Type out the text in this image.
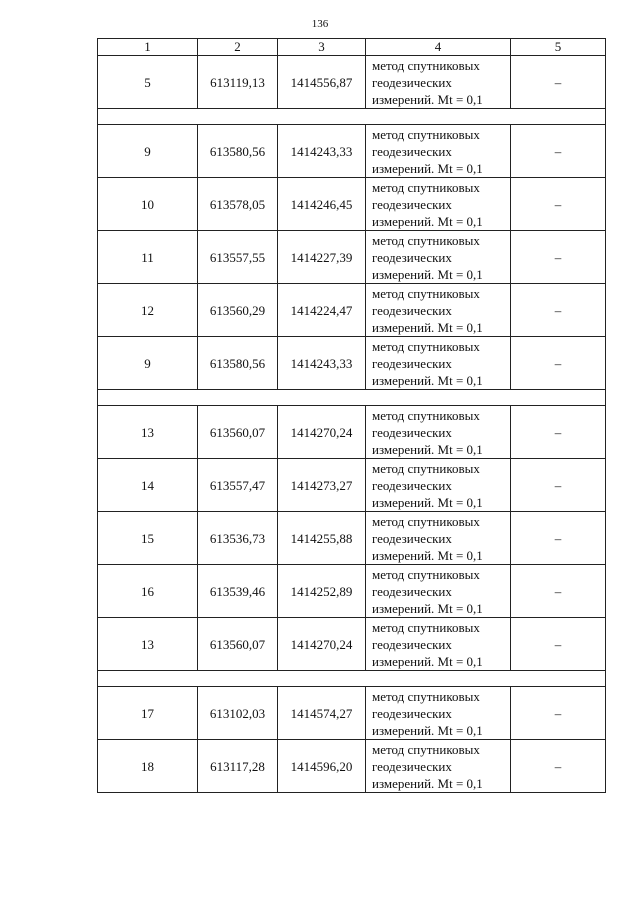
136
1	2	3	4	5
5	613119,13	1414556,87	метод спутниковых
геодезических
измерений. Mt = 0,1	–

9	613580,56	1414243,33	метод спутниковых
геодезических
измерений. Mt = 0,1	–
10	613578,05	1414246,45	метод спутниковых
геодезических
измерений. Mt = 0,1	–
11	613557,55	1414227,39	метод спутниковых
геодезических
измерений. Mt = 0,1	–
12	613560,29	1414224,47	метод спутниковых
геодезических
измерений. Mt = 0,1	–
9	613580,56	1414243,33	метод спутниковых
геодезических
измерений. Mt = 0,1	–

13	613560,07	1414270,24	метод спутниковых
геодезических
измерений. Mt = 0,1	–
14	613557,47	1414273,27	метод спутниковых
геодезических
измерений. Mt = 0,1	–
15	613536,73	1414255,88	метод спутниковых
геодезических
измерений. Mt = 0,1	–
16	613539,46	1414252,89	метод спутниковых
геодезических
измерений. Mt = 0,1	–
13	613560,07	1414270,24	метод спутниковых
геодезических
измерений. Mt = 0,1	–

17	613102,03	1414574,27	метод спутниковых
геодезических
измерений. Mt = 0,1	–
18	613117,28	1414596,20	метод спутниковых
геодезических
измерений. Mt = 0,1	–
